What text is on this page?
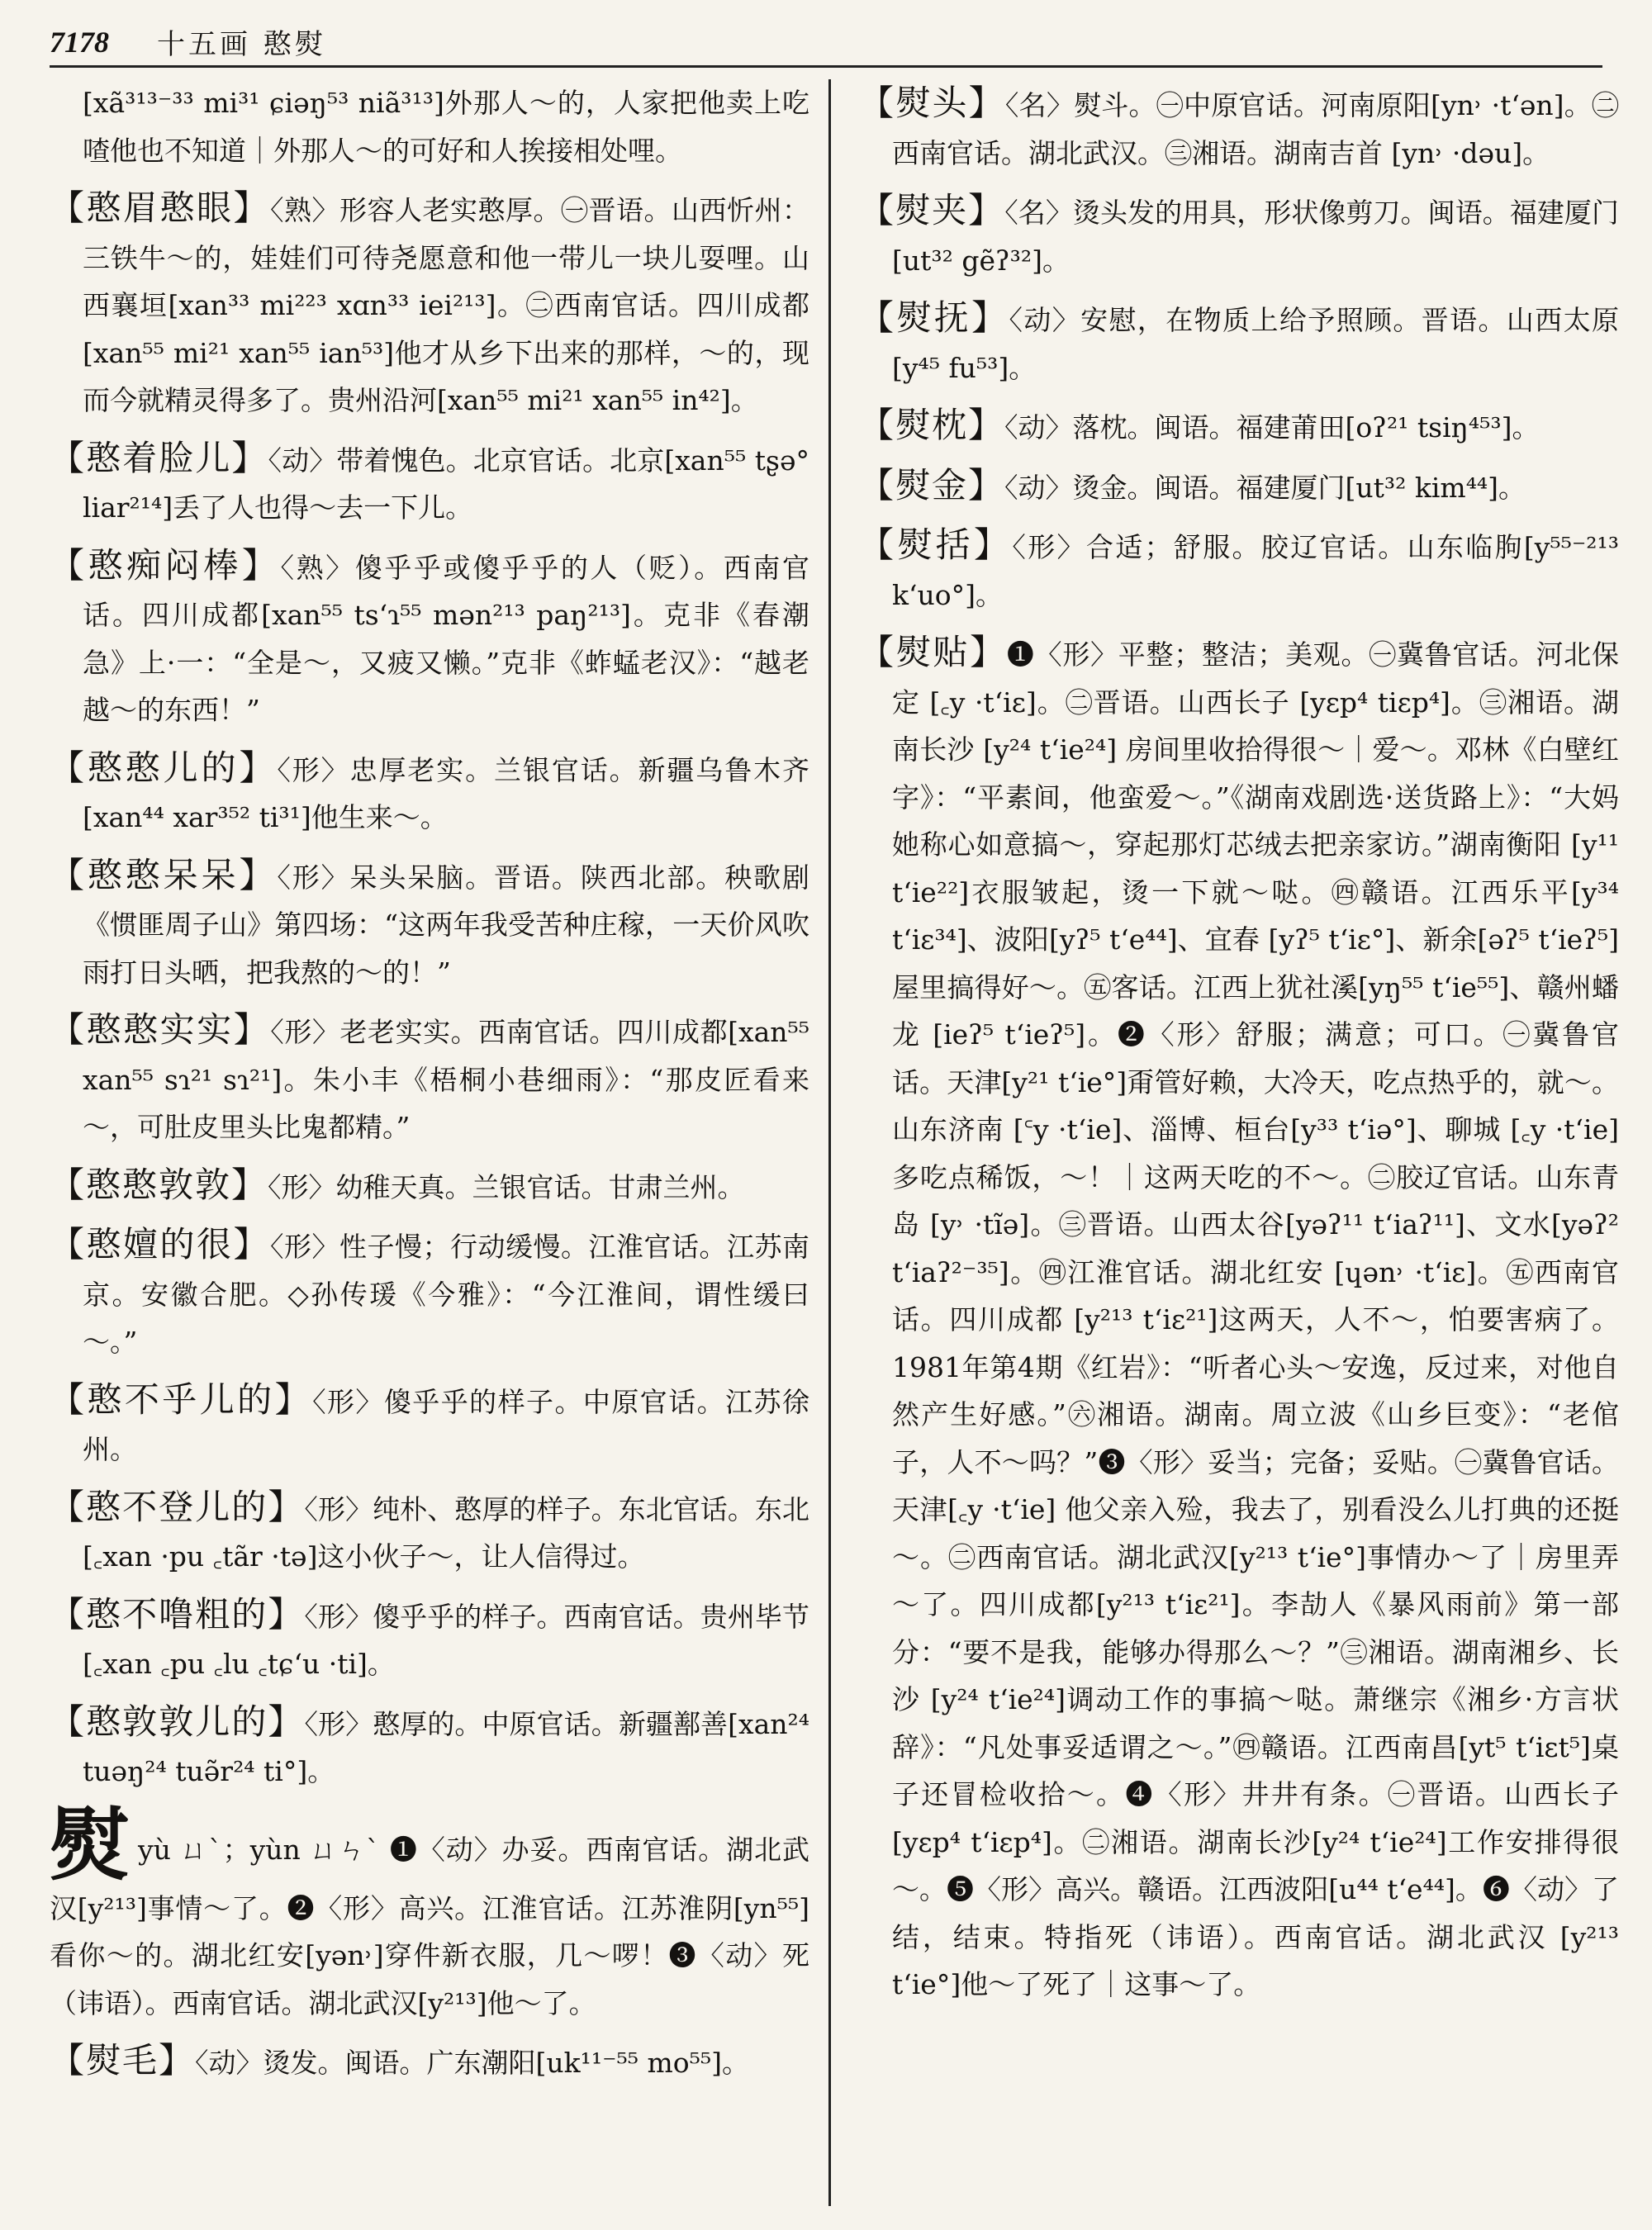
7178 十五画 憨熨
[xã³¹³⁻³³ mi³¹ ɕiəŋ⁵³ niã³¹³]外那人～的，人家把他卖上吃喳他也不知道｜外那人～的可好和人挨接相处哩。
【憨眉憨眼】〈熟〉形容人老实憨厚。㊀晋语。山西忻州：三铁牛～的，娃娃们可待尧愿意和他一带儿一块儿耍哩。山西襄垣[xan³³ mi²²³ xɑn³³ iei²¹³]。㊁西南官话。四川成都[xan⁵⁵ mi²¹ xan⁵⁵ ian⁵³]他才从乡下出来的那样，～的，现而今就精灵得多了。贵州沿河[xan⁵⁵ mi²¹ xan⁵⁵ in⁴²]。
【憨着脸儿】〈动〉带着愧色。北京官话。北京[xan⁵⁵ tʂə° liar²¹⁴]丢了人也得～去一下儿。
【憨痴闷棒】〈熟〉傻乎乎或傻乎乎的人（贬）。西南官话。四川成都[xan⁵⁵ tsʻɿ⁵⁵ mən²¹³ paŋ²¹³]。克非《春潮急》上·一：“全是～，又疲又懒。”克非《蚱蜢老汉》：“越老越～的东西！”
【憨憨儿的】〈形〉忠厚老实。兰银官话。新疆乌鲁木齐[xan⁴⁴ xar³⁵² ti³¹]他生来～。
【憨憨呆呆】〈形〉呆头呆脑。晋语。陕西北部。秧歌剧《惯匪周子山》第四场：“这两年我受苦种庄稼，一天价风吹雨打日头晒，把我熬的～的！”
【憨憨实实】〈形〉老老实实。西南官话。四川成都[xan⁵⁵ xan⁵⁵ sɿ²¹ sɿ²¹]。朱小丰《梧桐小巷细雨》：“那皮匠看来～，可肚皮里头比鬼都精。”
【憨憨敦敦】〈形〉幼稚天真。兰银官话。甘肃兰州。
【憨嬗的很】〈形〉性子慢；行动缓慢。江淮官话。江苏南京。安徽合肥。◇孙传瑗《今雅》：“今江淮间，谓性缓曰～。”
【憨不乎儿的】〈形〉傻乎乎的样子。中原官话。江苏徐州。
【憨不登儿的】〈形〉纯朴、憨厚的样子。东北官话。东北[꜀xan ·pu ꜀tãr ·tə]这小伙子～，让人信得过。
【憨不噜粗的】〈形〉傻乎乎的样子。西南官话。贵州毕节[꜀xan ꜀pu ꜀lu ꜀tɕʻu ·ti]。
【憨敦敦儿的】〈形〉憨厚的。中原官话。新疆鄯善[xan²⁴ tuəŋ²⁴ tuə̃r²⁴ ti°]。
熨yù ㄩˋ；yùn ㄩㄣˋ ❶〈动〉办妥。西南官话。湖北武汉[y²¹³]事情～了。❷〈形〉高兴。江淮官话。江苏淮阴[yn⁵⁵]看你～的。湖北红安[yən˒]穿件新衣服，几～啰！❸〈动〉死（讳语）。西南官话。湖北武汉[y²¹³]他～了。
【熨毛】〈动〉烫发。闽语。广东潮阳[uk¹¹⁻⁵⁵ mo⁵⁵]。
【熨头】〈名〉熨斗。㊀中原官话。河南原阳[yn˒ ·tʻən]。㊁西南官话。湖北武汉。㊂湘语。湖南吉首 [yn˒ ·dəu]。
【熨夹】〈名〉烫头发的用具，形状像剪刀。闽语。福建厦门[ut³² gẽʔ³²]。
【熨抚】〈动〉安慰，在物质上给予照顾。晋语。山西太原[y⁴⁵ fu⁵³]。
【熨枕】〈动〉落枕。闽语。福建莆田[oʔ²¹ tsiŋ⁴⁵³]。
【熨金】〈动〉烫金。闽语。福建厦门[ut³² kim⁴⁴]。
【熨括】〈形〉合适；舒服。胶辽官话。山东临朐[y⁵⁵⁻²¹³ kʻuo°]。
【熨贴】❶〈形〉平整；整洁；美观。㊀冀鲁官话。河北保定 [꜀y ·tʻiɛ]。㊁晋语。山西长子 [yɛp⁴ tiɛp⁴]。㊂湘语。湖南长沙 [y²⁴ tʻie²⁴] 房间里收拾得很～｜爱～。邓林《白壁红字》：“平素间，他蛮爱～。”《湖南戏剧选·送货路上》：“大妈她称心如意搞～，穿起那灯芯绒去把亲家访。”湖南衡阳 [y¹¹ tʻie²²]衣服皱起，烫一下就～哒。㊃赣语。江西乐平[y³⁴ tʻiɛ³⁴]、波阳[yʔ⁵ tʻe⁴⁴]、宜春 [yʔ⁵ tʻiɛ°]、新余[əʔ⁵ tʻieʔ⁵]屋里搞得好～。㊄客话。江西上犹社溪[yŋ⁵⁵ tʻie⁵⁵]、赣州蟠龙 [ieʔ⁵ tʻieʔ⁵]。❷〈形〉舒服；满意；可口。㊀冀鲁官话。天津[y²¹ tʻie°]甭管好赖，大冷天，吃点热乎的，就～。山东济南 [꜂y ·tʻie]、淄博、桓台[y³³ tʻiə°]、聊城 [꜀y ·tʻie] 多吃点稀饭，～！｜这两天吃的不～。㊁胶辽官话。山东青岛 [y˒ ·tĩə]。㊂晋语。山西太谷[yəʔ¹¹ tʻiaʔ¹¹]、文水[yəʔ² tʻiaʔ²⁻³⁵]。㊃江淮官话。湖北红安 [ɥən˒ ·tʻiɛ]。㊄西南官话。四川成都 [y²¹³ tʻiɛ²¹]这两天，人不～，怕要害病了。1981年第4期《红岩》：“听者心头～安逸，反过来，对他自然产生好感。”㊅湘语。湖南。周立波《山乡巨变》：“老倌子，人不～吗？”❸〈形〉妥当；完备；妥贴。㊀冀鲁官话。天津[꜀y ·tʻie] 他父亲入殓，我去了，别看没么儿打典的还挺～。㊁西南官话。湖北武汉[y²¹³ tʻie°]事情办～了｜房里弄～了。四川成都[y²¹³ tʻiɛ²¹]。李劼人《暴风雨前》第一部分：“要不是我，能够办得那么～？”㊂湘语。湖南湘乡、长沙 [y²⁴ tʻie²⁴]调动工作的事搞～哒。萧继宗《湘乡·方言状辞》：“凡处事妥适谓之～。”㊃赣语。江西南昌[yt⁵ tʻiɛt⁵]桌子还冒检收拾～。❹〈形〉井井有条。㊀晋语。山西长子[yɛp⁴ tʻiɛp⁴]。㊁湘语。湖南长沙[y²⁴ tʻie²⁴]工作安排得很～。❺〈形〉高兴。赣语。江西波阳[u⁴⁴ tʻe⁴⁴]。❻〈动〉了结，结束。特指死（讳语）。西南官话。湖北武汉 [y²¹³ tʻie°]他～了死了｜这事～了。
